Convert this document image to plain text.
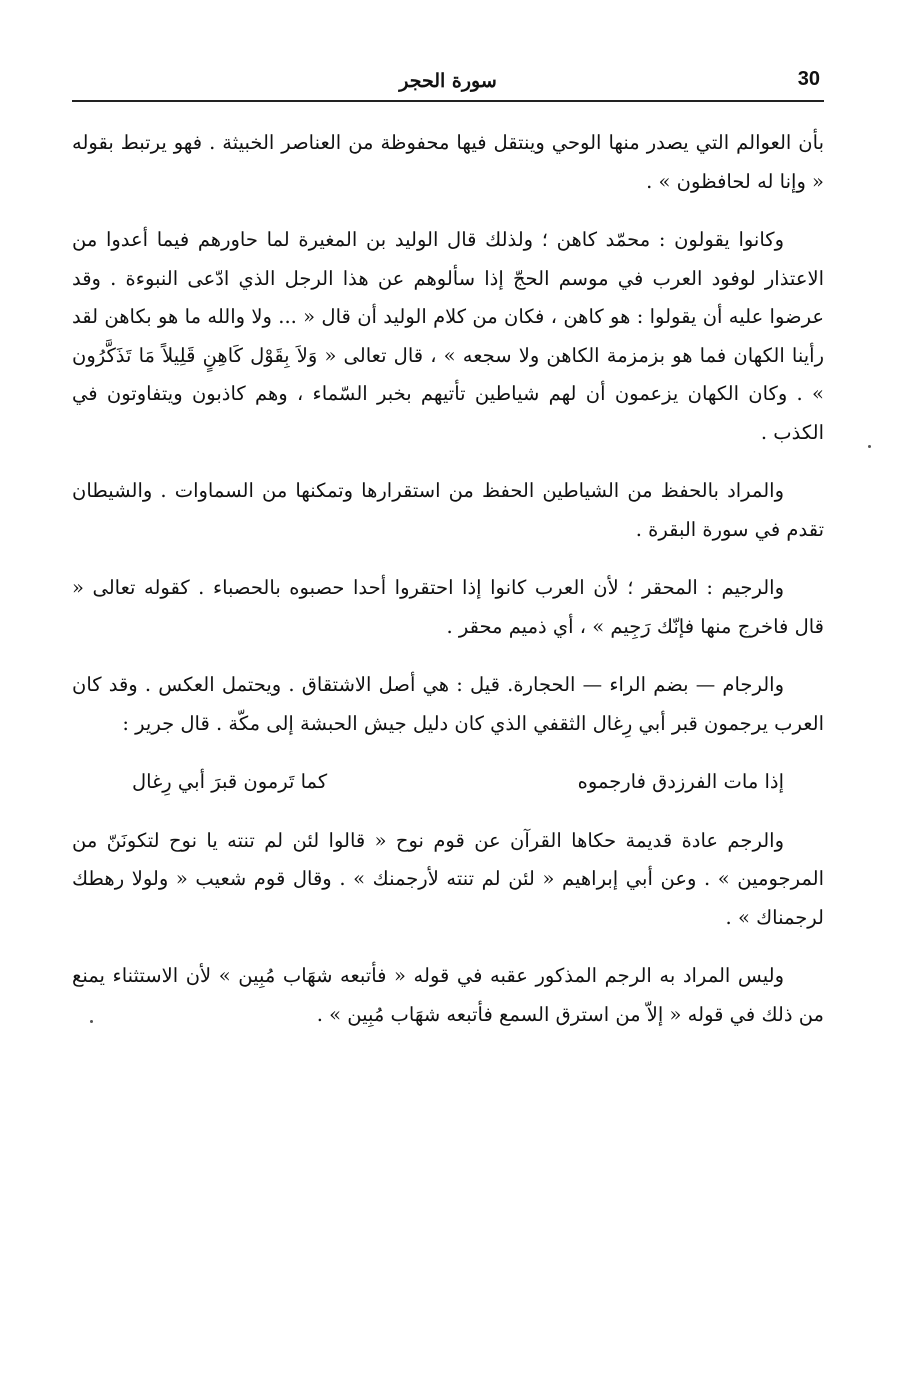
30
سورة الحجر

بأن العوالم التي يصدر منها الوحي وينتقل فيها محفوظة من العناصر الخبيثة . فهو يرتبط بقوله « وإنا له لحافظون » .

وكانوا يقولون : محمّد كاهن ؛ ولذلك قال الوليد بن المغيرة لما حاورهم فيما أعدوا من الاعتذار لوفود العرب في موسم الحجّ إذا سألوهم عن هذا الرجل الذي ادّعى النبوءة . وقد عرضوا عليه أن يقولوا : هو كاهن ، فكان من كلام الوليد أن قال « ... ولا والله ما هو بكاهن لقد رأينا الكهان فما هو بزمزمة الكاهن ولا سجعه » ، قال تعالى « وَلاَ بِقَوْل كَاهِنٍ قَلِيلاً مَا تَذَكَّرُون » . وكان الكهان يزعمون أن لهم شياطين تأتيهم بخبر السّماء ، وهم كاذبون ويتفاوتون في الكذب .

والمراد بالحفظ من الشياطين الحفظ من استقرارها وتمكنها من السماوات . والشيطان تقدم في سورة البقرة .

والرجيم : المحقر ؛ لأن العرب كانوا إذا احتقروا أحدا حصبوه بالحصباء . كقوله تعالى « قال فاخرج منها فإنّك رَجِيم » ، أي ذميم محقر .

والرجام — بضم الراء — الحجارة. قيل : هي أصل الاشتقاق . ويحتمل العكس . وقد كان العرب يرجمون قبر أبي رِغال الثقفي الذي كان دليل جيش الحبشة إلى مكّة . قال جرير :

إذا مات الفرزدق فارجموه
كما تَرمون قبرَ أبي رِغال

والرجم عادة قديمة حكاها القرآن عن قوم نوح « قالوا لئن لم تنته يا نوح لتكونَنّ من المرجومين » . وعن أبي إبراهيم « لئن لم تنته لأرجمنك » . وقال قوم شعيب « ولولا رهطك لرجمناك » .

وليس المراد به الرجم المذكور عقبه في قوله « فأتبعه شهَاب مُبِين » لأن الاستثناء يمنع من ذلك في قوله « إلاّ من استرق السمع فأتبعه شهَاب مُبِين » .
